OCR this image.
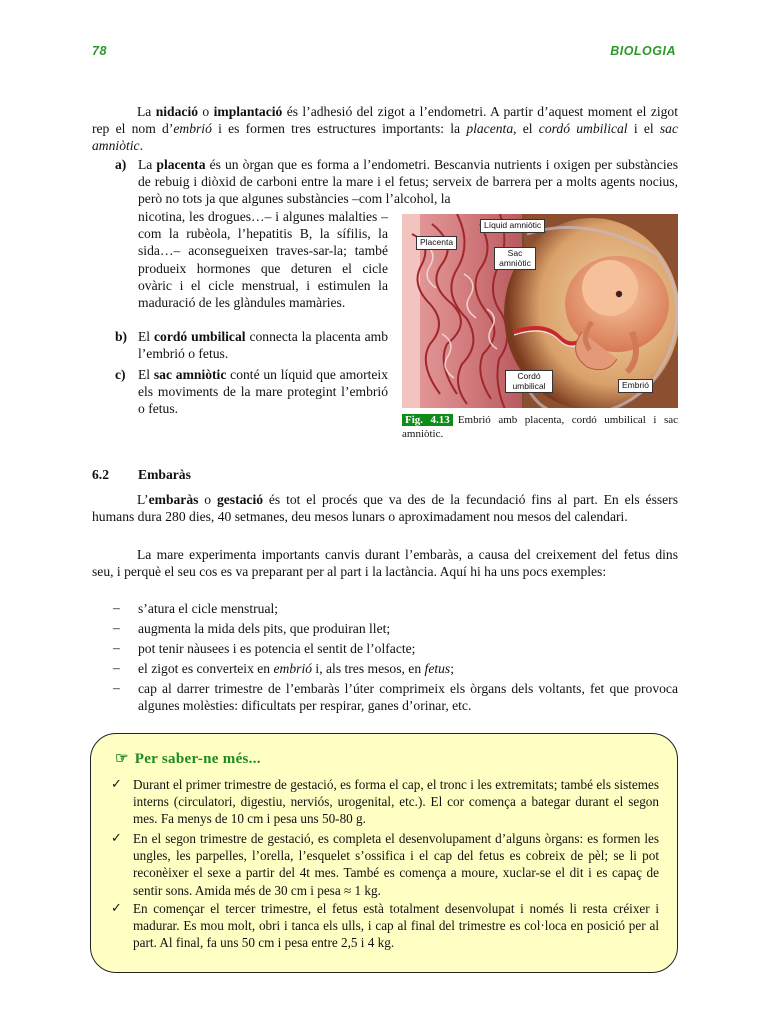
78	BIOLOGIA
La nidació o implantació és l’adhesió del zigot a l’endometri. A partir d’aquest moment el zigot rep el nom d’embrió i es formen tres estructures importants: la placenta, el cordó umbilical i el sac amniòtic.
a) La placenta és un òrgan que es forma a l’endometri. Bescanvia nutrients i oxigen per substàncies de rebuig i diòxid de carboni entre la mare i el fetus; serveix de barrera per a molts agents nocius, però no tots ja que algunes substàncies –com l’alcohol, la
nicotina, les drogues…– i algunes malalties –com la rubèola, l’hepatitis B, la sífilis, la sida…– aconsegueixen traves-sar-la; també produeix hormones que deturen el cicle ovàric i el cicle menstrual, i estimulen la maduració de les glàndules mamàries.
b) El cordó umbilical connecta la placenta amb l’embrió o fetus.
c) El sac amniòtic conté un líquid que amorteix els moviments de la mare protegint l’embrió o fetus.
Líquid amniòtic
Placenta
Sac amniòtic
Cordó umbilical	Embrió
Fig. 4.13 Embrió amb placenta, cordó umbilical i sac amniòtic.
6.2 Embaràs
L’embaràs o gestació és tot el procés que va des de la fecundació fins al part. En els éssers humans dura 280 dies, 40 setmanes, deu mesos lunars o aproximadament nou mesos del calendari.
La mare experimenta importants canvis durant l’embaràs, a causa del creixement del fetus dins seu, i perquè el seu cos es va preparant per al part i la lactància. Aquí hi ha uns pocs exemples:
– s’atura el cicle menstrual;
– augmenta la mida dels pits, que produiran llet;
– pot tenir nàusees i es potencia el sentit de l’olfacte;
– el zigot es converteix en embrió i, als tres mesos, en fetus;
– cap al darrer trimestre de l’embaràs l’úter comprimeix els òrgans dels voltants, fet que provoca algunes molèsties: dificultats per respirar, ganes d’orinar, etc.
☞ Per saber-ne més...
✓ Durant el primer trimestre de gestació, es forma el cap, el tronc i les extremitats; també els sistemes interns (circulatori, digestiu, nerviós, urogenital, etc.). El cor comença a bategar durant el segon mes. Fa menys de 10 cm i pesa uns 50-80 g.
✓ En el segon trimestre de gestació, es completa el desenvolupament d’alguns òrgans: es formen les ungles, les parpelles, l’orella, l’esquelet s’ossifica i el cap del fetus es cobreix de pèl; se li pot reconèixer el sexe a partir del 4t mes. També es comença a moure, xuclar-se el dit i es capaç de sentir sons. Amida més de 30 cm i pesa ≈ 1 kg.
✓ En començar el tercer trimestre, el fetus està totalment desenvolupat i només li resta créixer i madurar. Es mou molt, obri i tanca els ulls, i cap al final del trimestre es col·loca en posició per al part. Al final, fa uns 50 cm i pesa entre 2,5 i 4 kg.
